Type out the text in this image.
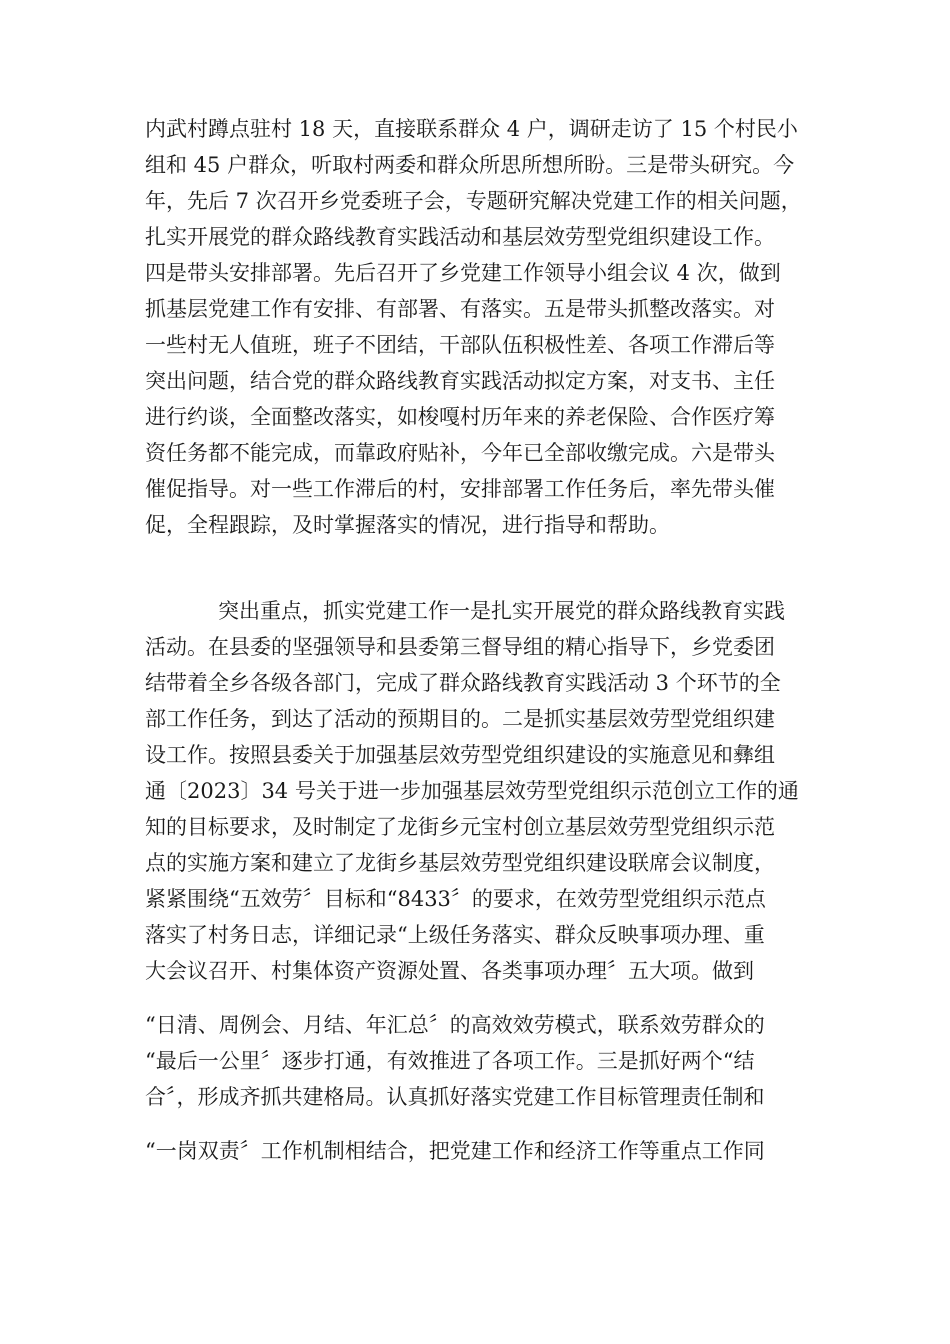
内武村蹲点驻村 18 天，直接联系群众 4 户，调研走访了 15 个村民小
组和 45 户群众，听取村两委和群众所思所想所盼。三是带头研究。今
年，先后 7 次召开乡党委班子会，专题研究解决党建工作的相关问题，
扎实开展党的群众路线教育实践活动和基层效劳型党组织建设工作。
四是带头安排部署。先后召开了乡党建工作领导小组会议 4 次，做到
抓基层党建工作有安排、有部署、有落实。五是带头抓整改落实。对
一些村无人值班，班子不团结，干部队伍积极性差、各项工作滞后等
突出问题，结合党的群众路线教育实践活动拟定方案，对支书、主任
进行约谈，全面整改落实，如梭嘎村历年来的养老保险、合作医疗筹
资任务都不能完成，而靠政府贴补，今年已全部收缴完成。六是带头
催促指导。对一些工作滞后的村，安排部署工作任务后，率先带头催
促，全程跟踪，及时掌握落实的情况，进行指导和帮助。
突出重点，抓实党建工作一是扎实开展党的群众路线教育实践
活动。在县委的坚强领导和县委第三督导组的精心指导下，乡党委团
结带着全乡各级各部门，完成了群众路线教育实践活动 3 个环节的全
部工作任务，到达了活动的预期目的。二是抓实基层效劳型党组织建
设工作。按照县委关于加强基层效劳型党组织建设的实施意见和彝组
通〔2023〕34 号关于进一步加强基层效劳型党组织示范创立工作的通
知的目标要求，及时制定了龙街乡元宝村创立基层效劳型党组织示范
点的实施方案和建立了龙街乡基层效劳型党组织建设联席会议制度，
紧紧围绕“五效劳〞目标和“8433〞的要求，在效劳型党组织示范点
落实了村务日志，详细记录“上级任务落实、群众反映事项办理、重
大会议召开、村集体资产资源处置、各类事项办理〞五大项。做到
“日清、周例会、月结、年汇总〞的高效效劳模式，联系效劳群众的
“最后一公里〞逐步打通，有效推进了各项工作。三是抓好两个“结
合〞，形成齐抓共建格局。认真抓好落实党建工作目标管理责任制和
“一岗双责〞工作机制相结合，把党建工作和经济工作等重点工作同
